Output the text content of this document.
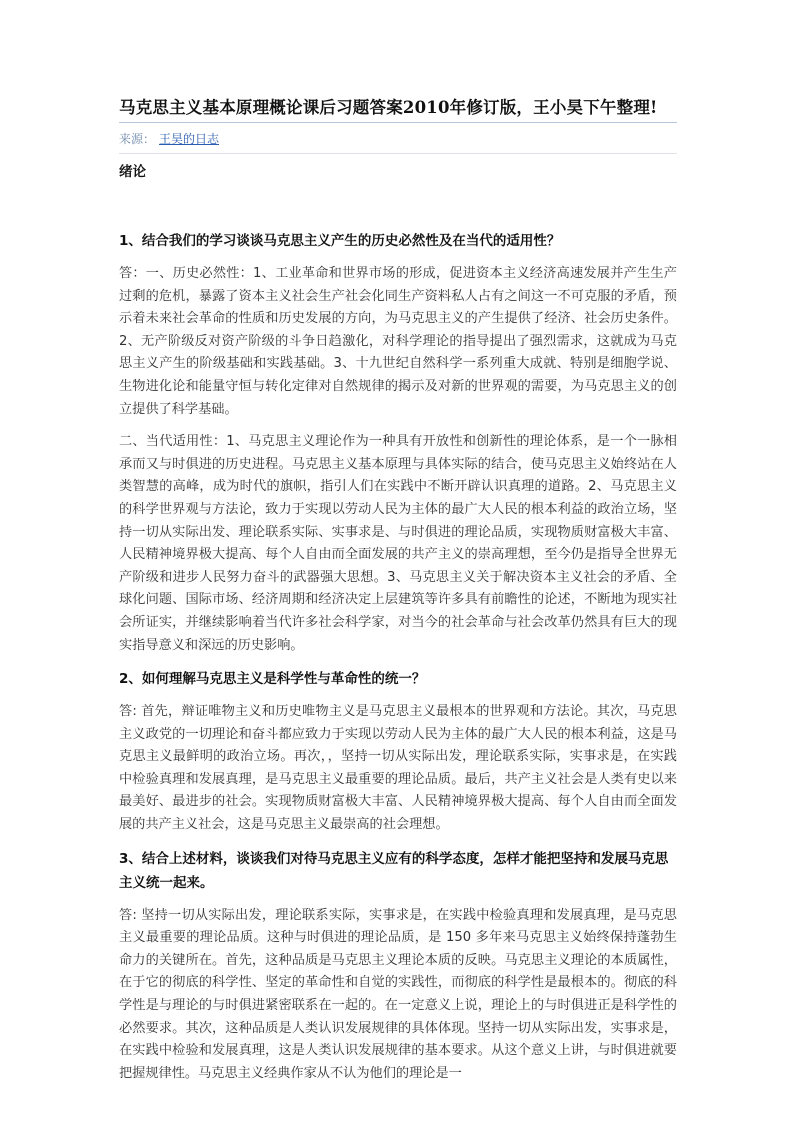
马克思主义基本原理概论课后习题答案2010年修订版，王小昊下午整理!
来源： 王昊的日志
绪论

1、结合我们的学习谈谈马克思主义产生的历史必然性及在当代的适用性？

答：一、历史必然性：1、工业革命和世界市场的形成，促进资本主义经济高速发展并产生生产过剩的危机，暴露了资本主义社会生产社会化同生产资料私人占有之间这一不可克服的矛盾，预示着未来社会革命的性质和历史发展的方向，为马克思主义的产生提供了经济、社会历史条件。2、无产阶级反对资产阶级的斗争日趋激化，对科学理论的指导提出了强烈需求，这就成为马克思主义产生的阶级基础和实践基础。3、十九世纪自然科学一系列重大成就、特别是细胞学说、生物进化论和能量守恒与转化定律对自然规律的揭示及对新的世界观的需要，为马克思主义的创立提供了科学基础。

二、当代适用性：1、马克思主义理论作为一种具有开放性和创新性的理论体系，是一个一脉相承而又与时俱进的历史进程。马克思主义基本原理与具体实际的结合，使马克思主义始终站在人类智慧的高峰，成为时代的旗帜，指引人们在实践中不断开辟认识真理的道路。2、马克思主义的科学世界观与方法论，致力于实现以劳动人民为主体的最广大人民的根本利益的政治立场，坚持一切从实际出发、理论联系实际、实事求是、与时俱进的理论品质，实现物质财富极大丰富、人民精神境界极大提高、每个人自由而全面发展的共产主义的崇高理想，至今仍是指导全世界无产阶级和进步人民努力奋斗的武器强大思想。3、马克思主义关于解决资本主义社会的矛盾、全球化问题、国际市场、经济周期和经济决定上层建筑等许多具有前瞻性的论述，不断地为现实社会所证实，并继续影响着当代许多社会科学家，对当今的社会革命与社会改革仍然具有巨大的现实指导意义和深远的历史影响。

2、如何理解马克思主义是科学性与革命性的统一？

答: 首先，辩证唯物主义和历史唯物主义是马克思主义最根本的世界观和方法论。其次，马克思主义政党的一切理论和奋斗都应致力于实现以劳动人民为主体的最广大人民的根本利益，这是马克思主义最鲜明的政治立场。再次，，坚持一切从实际出发，理论联系实际，实事求是，在实践中检验真理和发展真理，是马克思主义最重要的理论品质。最后，共产主义社会是人类有史以来最美好、最进步的社会。实现物质财富极大丰富、人民精神境界极大提高、每个人自由而全面发展的共产主义社会，这是马克思主义最崇高的社会理想。

3、结合上述材料，谈谈我们对待马克思主义应有的科学态度，怎样才能把坚持和发展马克思主义统一起来。

答: 坚持一切从实际出发，理论联系实际，实事求是，在实践中检验真理和发展真理，是马克思主义最重要的理论品质。这种与时俱进的理论品质，是 150 多年来马克思主义始终保持蓬勃生命力的关键所在。首先，这种品质是马克思主义理论本质的反映。马克思主义理论的本质属性，在于它的彻底的科学性、坚定的革命性和自觉的实践性，而彻底的科学性是最根本的。彻底的科学性是与理论的与时俱进紧密联系在一起的。在一定意义上说，理论上的与时俱进正是科学性的必然要求。其次，这种品质是人类认识发展规律的具体体现。坚持一切从实际出发，实事求是，在实践中检验和发展真理，这是人类认识发展规律的基本要求。从这个意义上讲，与时俱进就要把握规律性。马克思主义经典作家从不认为他们的理论是一
